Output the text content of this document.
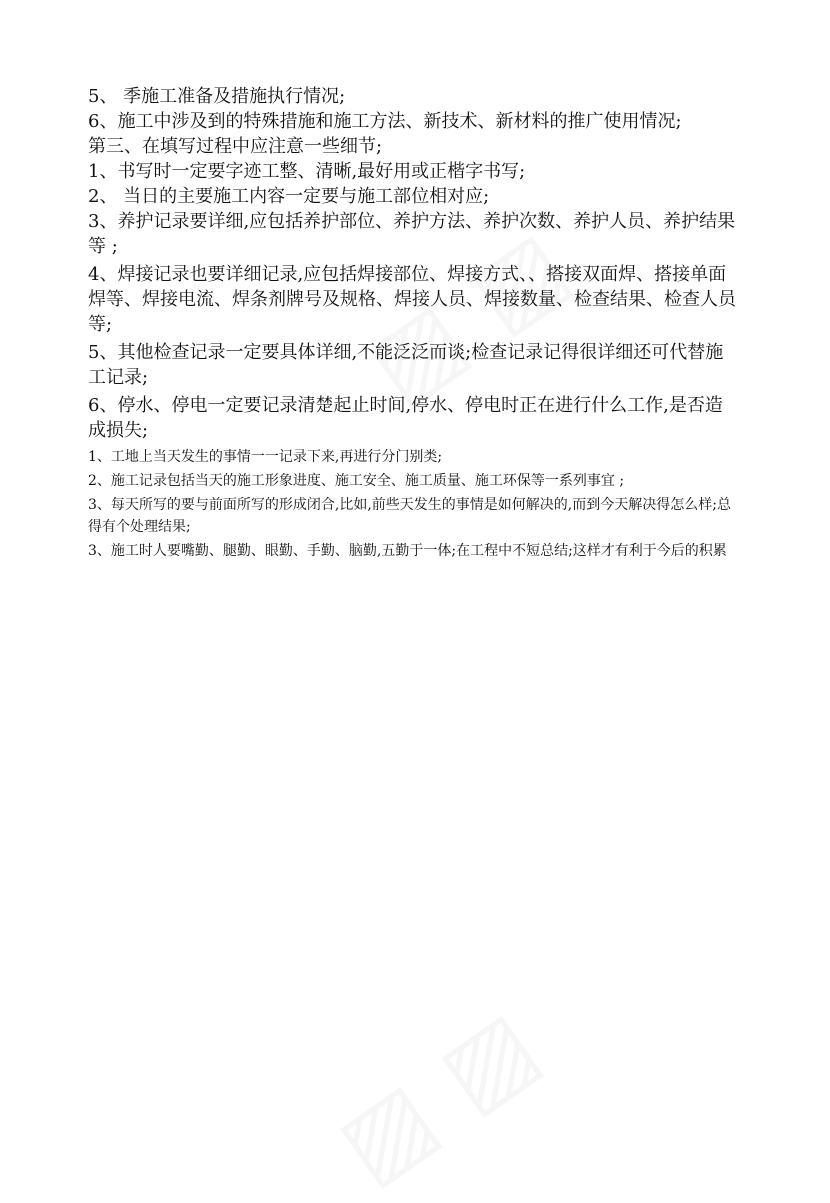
5、 季施工准备及措施执行情况;

6、施工中涉及到的特殊措施和施工方法、新技术、新材料的推广使用情况;

第三、在填写过程中应注意一些细节;

1、书写时一定要字迹工整、清晰,最好用或正楷字书写;

2、 当日的主要施工内容一定要与施工部位相对应;

3、养护记录要详细,应包括养护部位、养护方法、养护次数、养护人员、养护结果等 ;

4、焊接记录也要详细记录,应包括焊接部位、焊接方式、、搭接双面焊、搭接单面焊等、焊接电流、焊条剂牌号及规格、焊接人员、焊接数量、检查结果、检查人员等;

5、其他检查记录一定要具体详细,不能泛泛而谈;检查记录记得很详细还可代替施工记录;

6、停水、停电一定要记录清楚起止时间,停水、停电时正在进行什么工作,是否造成损失;

1、工地上当天发生的事情一一记录下来,再进行分门别类;

2、施工记录包括当天的施工形象进度、施工安全、施工质量、施工环保等一系列事宜 ;

3、每天所写的要与前面所写的形成闭合,比如,前些天发生的事情是如何解决的,而到今天解决得怎么样;总得有个处理结果;

3、施工时人要嘴勤、腿勤、眼勤、手勤、脑勤,五勤于一体;在工程中不短总结;这样才有利于今后的积累
